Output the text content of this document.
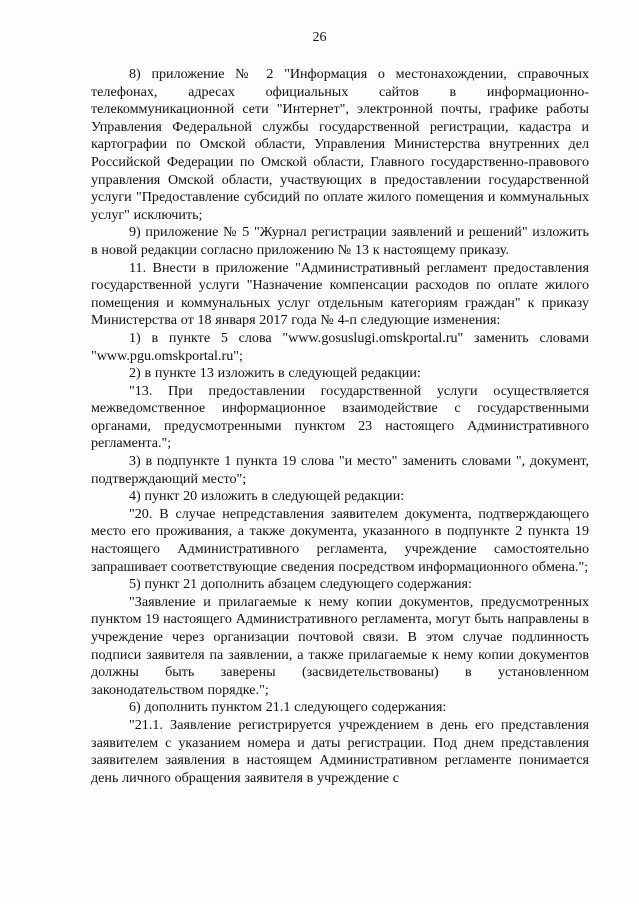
26

8) приложение № 2 "Информация о местонахождении, справочных телефонах, адресах официальных сайтов в информационно-телекоммуникационной сети "Интернет", электронной почты, графике работы Управления Федеральной службы государственной регистрации, кадастра и картографии по Омской области, Управления Министерства внутренних дел Российской Федерации по Омской области, Главного государственно-правового управления Омской области, участвующих в предоставлении государственной услуги "Предоставление субсидий по оплате жилого помещения и коммунальных услуг" исключить;

9) приложение № 5 "Журнал регистрации заявлений и решений" изложить в новой редакции согласно приложению № 13 к настоящему приказу.

11. Внести в приложение "Административный регламент предоставления государственной услуги "Назначение компенсации расходов по оплате жилого помещения и коммунальных услуг отдельным категориям граждан" к приказу Министерства от 18 января 2017 года № 4-п следующие изменения:

1) в пункте 5 слова "www.gosuslugi.omskportal.ru" заменить словами "www.pgu.omskportal.ru";

2) в пункте 13 изложить в следующей редакции:

"13. При предоставлении государственной услуги осуществляется межведомственное информационное взаимодействие с государственными органами, предусмотренными пунктом 23 настоящего Административного регламента.";

3) в подпункте 1 пункта 19 слова "и место" заменить словами ", документ, подтверждающий место";

4) пункт 20 изложить в следующей редакции:

"20. В случае непредставления заявителем документа, подтверждающего место его проживания, а также документа, указанного в подпункте 2 пункта 19 настоящего Административного регламента, учреждение самостоятельно запрашивает соответствующие сведения посредством информационного обмена.";

5) пункт 21 дополнить абзацем следующего содержания:

"Заявление и прилагаемые к нему копии документов, предусмотренных пунктом 19 настоящего Административного регламента, могут быть направлены в учреждение через организации почтовой связи. В этом случае подлинность подписи заявителя па заявлении, а также прилагаемые к нему копии документов должны быть заверены (засвидетельствованы) в установленном законодательством порядке.";

6) дополнить пунктом 21.1 следующего содержания:

"21.1. Заявление регистрируется учреждением в день его представления заявителем с указанием номера и даты регистрации. Под днем представления заявителем заявления в настоящем Административном регламенте понимается день личного обращения заявителя в учреждение с
